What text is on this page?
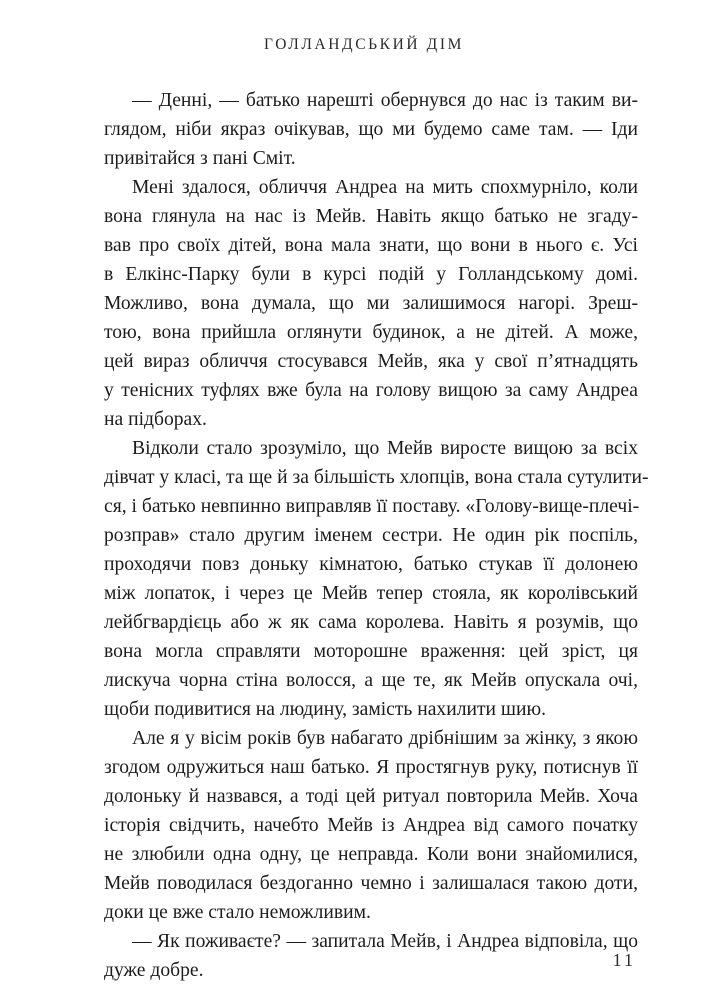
ГОЛЛАНДСЬКИЙ ДІМ
— Денні, — батько нарешті обернувся до нас із таким ви-
глядом, ніби якраз очікував, що ми будемо саме там. — Іди
привітайся з пані Сміт.
Мені здалося, обличчя Андреа на мить спохмурніло, коли
вона глянула на нас із Мейв. Навіть якщо батько не згаду-
вав про своїх дітей, вона мала знати, що вони в нього є. Усі
в Елкінс-Парку були в курсі подій у Голландському домі.
Можливо, вона думала, що ми залишимося нагорі. Зреш-
тою, вона прийшла оглянути будинок, а не дітей. А може,
цей вираз обличчя стосувався Мейв, яка у свої п’ятнадцять
у тенісних туфлях вже була на голову вищою за саму Андреа
на підборах.
Відколи стало зрозуміло, що Мейв виросте вищою за всіх
дівчат у класі, та ще й за більшість хлопців, вона стала сутулити-
ся, і батько невпинно виправляв її поставу. «Голову-вище-плечі-
розправ» стало другим іменем сестри. Не один рік поспіль,
проходячи повз доньку кімнатою, батько стукав її долонею
між лопаток, і через це Мейв тепер стояла, як королівський
лейбгвардієць або ж як сама королева. Навіть я розумів, що
вона могла справляти моторошне враження: цей зріст, ця
лискуча чорна стіна волосся, а ще те, як Мейв опускала очі,
щоби подивитися на людину, замість нахилити шию.
Але я у вісім років був набагато дрібнішим за жінку, з якою
згодом одружиться наш батько. Я простягнув руку, потиснув її
долоньку й назвався, а тоді цей ритуал повторила Мейв. Хоча
історія свідчить, начебто Мейв із Андреа від самого початку
не злюбили одна одну, це неправда. Коли вони знайомилися,
Мейв поводилася бездоганно чемно і залишалася такою доти,
доки це вже стало неможливим.
— Як поживаєте? — запитала Мейв, і Андреа відповіла, що
дуже добре.	11
